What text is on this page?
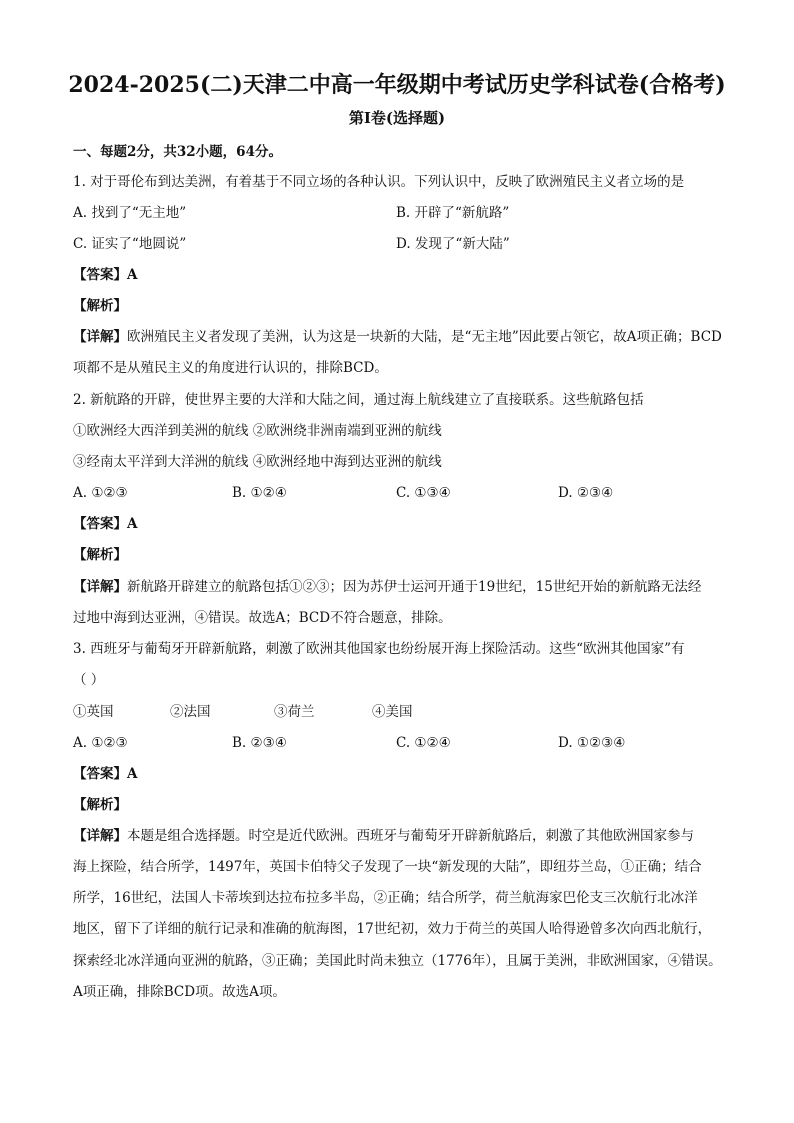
2024-2025(二)天津二中高一年级期中考试历史学科试卷(合格考)
第Ⅰ卷(选择题)
一、每题2分，共32小题，64分。
1. 对于哥伦布到达美洲，有着基于不同立场的各种认识。下列认识中，反映了欧洲殖民主义者立场的是
A. 找到了“无主地”	B. 开辟了“新航路”
C. 证实了“地圆说”	D. 发现了“新大陆”
【答案】A
【解析】
【详解】欧洲殖民主义者发现了美洲，认为这是一块新的大陆，是“无主地”因此要占领它，故A项正确；BCD
项都不是从殖民主义的角度进行认识的，排除BCD。
2. 新航路的开辟，使世界主要的大洋和大陆之间，通过海上航线建立了直接联系。这些航路包括
①欧洲经大西洋到美洲的航线 ②欧洲绕非洲南端到亚洲的航线
③经南太平洋到大洋洲的航线 ④欧洲经地中海到达亚洲的航线
A. ①②③	B. ①②④	C. ①③④	D. ②③④
【答案】A
【解析】
【详解】新航路开辟建立的航路包括①②③；因为苏伊士运河开通于19世纪，15世纪开始的新航路无法经
过地中海到达亚洲，④错误。故选A；BCD不符合题意，排除。
3. 西班牙与葡萄牙开辟新航路，刺激了欧洲其他国家也纷纷展开海上探险活动。这些“欧洲其他国家”有
（ ）
①英国	②法国	③荷兰	④美国
A. ①②③	B. ②③④	C. ①②④	D. ①②③④
【答案】A
【解析】
【详解】本题是组合选择题。时空是近代欧洲。西班牙与葡萄牙开辟新航路后，刺激了其他欧洲国家参与
海上探险，结合所学，1497年，英国卡伯特父子发现了一块“新发现的大陆”，即纽芬兰岛，①正确；结合
所学，16世纪，法国人卡蒂埃到达拉布拉多半岛，②正确；结合所学，荷兰航海家巴伦支三次航行北冰洋
地区，留下了详细的航行记录和准确的航海图，17世纪初，效力于荷兰的英国人哈得逊曾多次向西北航行，
探索经北冰洋通向亚洲的航路，③正确；美国此时尚未独立（1776年），且属于美洲，非欧洲国家，④错误。
A项正确，排除BCD项。故选A项。
